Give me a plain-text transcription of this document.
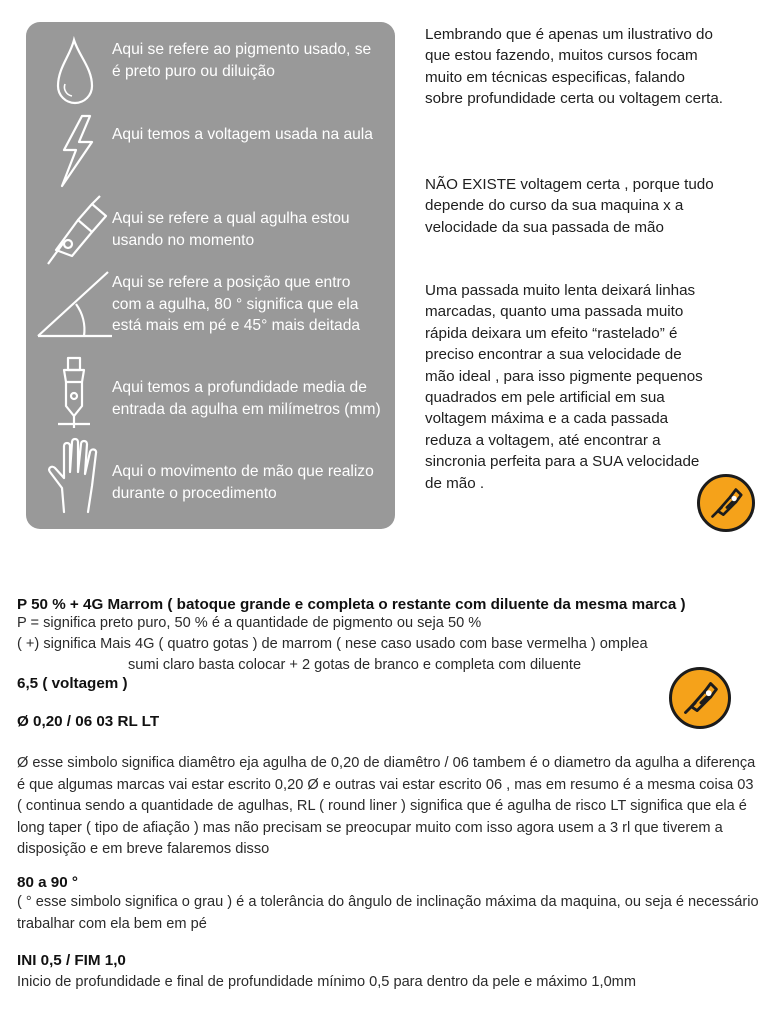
Aqui se refere ao pigmento usado, se é preto puro ou diluição
Aqui temos a voltagem usada na aula
Aqui se refere a qual agulha estou usando no momento
Aqui se refere a posição que entro com a agulha, 80 ° significa que ela está mais em pé e 45° mais deitada
Aqui temos a profundidade media de entrada da agulha em milímetros (mm)
Aqui o movimento de mão que realizo durante o procedimento
Lembrando que é apenas um ilustrativo do que estou fazendo, muitos cursos focam muito em técnicas especificas, falando sobre profundidade certa ou voltagem certa.
NÃO EXISTE voltagem certa , porque tudo depende do curso da sua maquina x a velocidade da sua passada de mão
Uma passada muito lenta deixará linhas marcadas, quanto uma passada muito rápida deixara um efeito “rastelado” é preciso encontrar a sua velocidade de mão ideal , para isso pigmente pequenos quadrados em pele artificial em sua voltagem máxima e a cada passada reduza a voltagem, até encontrar a sincronia perfeita para a SUA velocidade de mão .
P 50 % + 4G Marrom ( batoque grande e completa o restante com diluente da mesma marca )
P = significa preto puro, 50 % é a quantidade de pigmento ou seja 50 %
( +) significa Mais 4G ( quatro gotas ) de marrom ( nese caso usado com base vermelha ) omplea
sumi claro basta colocar + 2 gotas de branco e completa com diluente
6,5 ( voltagem )
Ø 0,20 / 06 03 RL LT
Ø esse simbolo significa diamêtro eja agulha de 0,20 de diamêtro / 06 tambem é o diametro da agulha a diferença é que algumas marcas vai estar escrito 0,20 Ø e outras vai estar escrito 06 , mas em resumo é a mesma coisa 03 ( continua sendo a quantidade de agulhas, RL ( round liner ) significa que é agulha de risco LT significa que ela é long taper ( tipo de afiação ) mas não precisam se preocupar muito com isso agora usem a 3 rl que tiverem a disposição e em breve falaremos disso
80 a 90 °
( ° esse simbolo significa o grau ) é a tolerância do ângulo de inclinação máxima da maquina, ou seja é necessário trabalhar com ela bem em pé
INI 0,5 / FIM 1,0
Inicio de profundidade e final de profundidade mínimo 0,5 para dentro da pele e máximo 1,0mm
